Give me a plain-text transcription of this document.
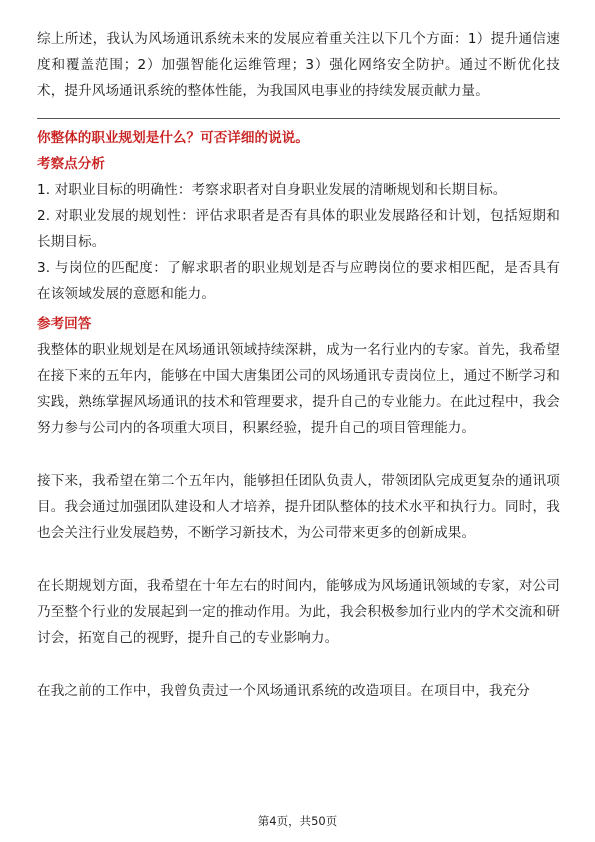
综上所述，我认为风场通讯系统未来的发展应着重关注以下几个方面：1）提升通信速度和覆盖范围；2）加强智能化运维管理；3）强化网络安全防护。通过不断优化技术，提升风场通讯系统的整体性能，为我国风电事业的持续发展贡献力量。

你整体的职业规划是什么？可否详细的说说。
考察点分析

1. 对职业目标的明确性：考察求职者对自身职业发展的清晰规划和长期目标。

2. 对职业发展的规划性：评估求职者是否有具体的职业发展路径和计划，包括短期和长期目标。

3. 与岗位的匹配度：了解求职者的职业规划是否与应聘岗位的要求相匹配，是否具有在该领域发展的意愿和能力。

参考回答

我整体的职业规划是在风场通讯领域持续深耕，成为一名行业内的专家。首先，我希望在接下来的五年内，能够在中国大唐集团公司的风场通讯专责岗位上，通过不断学习和实践，熟练掌握风场通讯的技术和管理要求，提升自己的专业能力。在此过程中，我会努力参与公司内的各项重大项目，积累经验，提升自己的项目管理能力。

接下来，我希望在第二个五年内，能够担任团队负责人，带领团队完成更复杂的通讯项目。我会通过加强团队建设和人才培养，提升团队整体的技术水平和执行力。同时，我也会关注行业发展趋势，不断学习新技术，为公司带来更多的创新成果。

在长期规划方面，我希望在十年左右的时间内，能够成为风场通讯领域的专家，对公司乃至整个行业的发展起到一定的推动作用。为此，我会积极参加行业内的学术交流和研讨会，拓宽自己的视野，提升自己的专业影响力。

在我之前的工作中，我曾负责过一个风场通讯系统的改造项目。在项目中，我充分

第4页，共50页
